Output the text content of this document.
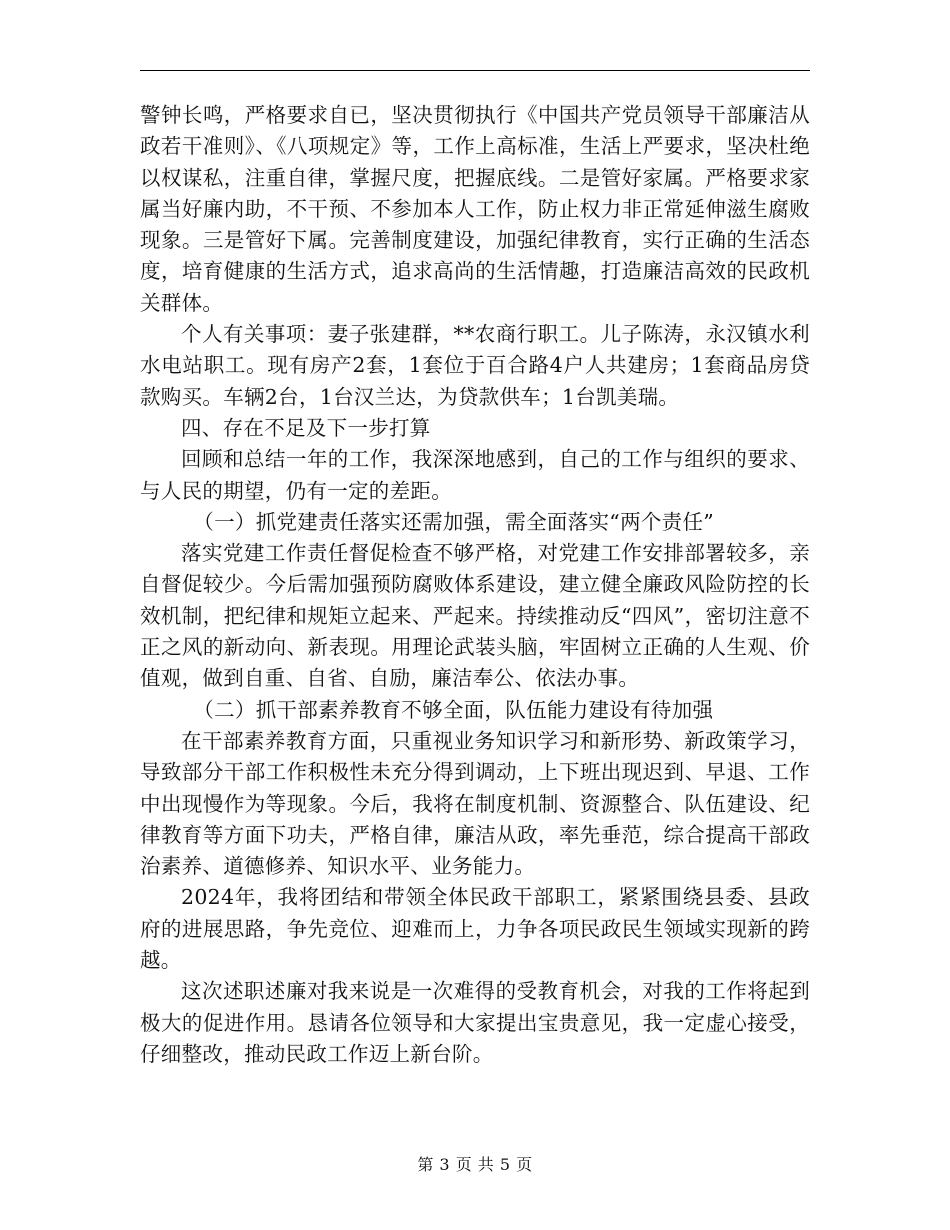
警钟长鸣，严格要求自已，坚决贯彻执行《中国共产党员领导干部廉洁从政若干准则》、《八项规定》等，工作上高标准，生活上严要求，坚决杜绝以权谋私，注重自律，掌握尺度，把握底线。二是管好家属。严格要求家属当好廉内助，不干预、不参加本人工作，防止权力非正常延伸滋生腐败现象。三是管好下属。完善制度建设，加强纪律教育，实行正确的生活态度，培育健康的生活方式，追求高尚的生活情趣，打造廉洁高效的民政机关群体。

个人有关事项：妻子张建群，**农商行职工。儿子陈涛，永汉镇水利水电站职工。现有房产2套，1套位于百合路4户人共建房；1套商品房贷款购买。车辆2台，1台汉兰达，为贷款供车；1台凯美瑞。

四、存在不足及下一步打算

回顾和总结一年的工作，我深深地感到，自己的工作与组织的要求、与人民的期望，仍有一定的差距。

（一）抓党建责任落实还需加强，需全面落实“两个责任”

落实党建工作责任督促检查不够严格，对党建工作安排部署较多，亲自督促较少。今后需加强预防腐败体系建设，建立健全廉政风险防控的长效机制，把纪律和规矩立起来、严起来。持续推动反“四风”，密切注意不正之风的新动向、新表现。用理论武装头脑，牢固树立正确的人生观、价值观，做到自重、自省、自励，廉洁奉公、依法办事。

（二）抓干部素养教育不够全面，队伍能力建设有待加强

在干部素养教育方面，只重视业务知识学习和新形势、新政策学习，导致部分干部工作积极性未充分得到调动，上下班出现迟到、早退、工作中出现慢作为等现象。今后，我将在制度机制、资源整合、队伍建设、纪律教育等方面下功夫，严格自律，廉洁从政，率先垂范，综合提高干部政治素养、道德修养、知识水平、业务能力。

2024年，我将团结和带领全体民政干部职工，紧紧围绕县委、县政府的进展思路，争先竞位、迎难而上，力争各项民政民生领域实现新的跨越。

这次述职述廉对我来说是一次难得的受教育机会，对我的工作将起到极大的促进作用。恳请各位领导和大家提出宝贵意见，我一定虚心接受，仔细整改，推动民政工作迈上新台阶。

第 3 页 共 5 页
